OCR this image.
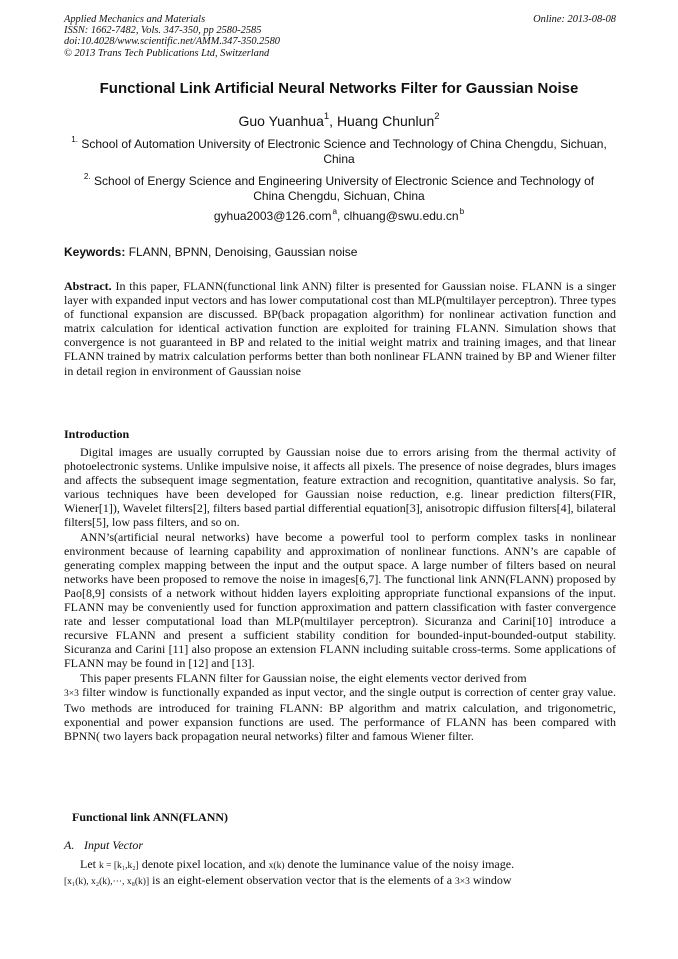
Applied Mechanics and Materials
ISSN: 1662-7482, Vols. 347-350, pp 2580-2585
doi:10.4028/www.scientific.net/AMM.347-350.2580
© 2013 Trans Tech Publications Ltd, Switzerland
Online: 2013-08-08
Functional Link Artificial Neural Networks Filter for Gaussian Noise
Guo Yuanhua$^1$, Huang Chunlun$^2$
$^{1.}$ School of Automation University of Electronic Science and Technology of China Chengdu, Sichuan, China
$^{2.}$ School of Energy Science and Engineering University of Electronic Science and Technology of China Chengdu, Sichuan, China
gyhua2003@126.com$^a$, $clhuang@swu.edu.cn^b$
Keywords: FLANN, BPNN, Denoising, Gaussian noise
Abstract. In this paper, FLANN(functional link ANN) filter is presented for Gaussian noise. FLANN is a singer layer with expanded input vectors and has lower computational cost than MLP(multilayer perceptron). Three types of functional expansion are discussed. BP(back propagation algorithm) for nonlinear activation function and matrix calculation for identical activation function are exploited for training FLANN. Simulation shows that convergence is not guaranteed in BP and related to the initial weight matrix and training images, and that linear FLANN trained by matrix calculation performs better than both nonlinear FLANN trained by BP and Wiener filter in detail region in environment of Gaussian noise
Introduction

Digital images are usually corrupted by Gaussian noise due to errors arising from the thermal activity of photoelectronic systems. Unlike impulsive noise, it affects all pixels. The presence of noise degrades, blurs images and affects the subsequent image segmentation, feature extraction and recognition, quantitative analysis. So far, various techniques have been developed for Gaussian noise reduction, e.g. linear prediction filters(FIR, Wiener[1]), Wavelet filters[2], filters based partial differential equation[3], anisotropic diffusion filters[4], bilateral filters[5], low pass filters, and so on.

ANN’s(artificial neural networks) have become a powerful tool to perform complex tasks in nonlinear environment because of learning capability and approximation of nonlinear functions. ANN’s are capable of generating complex mapping between the input and the output space. A large number of filters based on neural networks have been proposed to remove the noise in images[6,7]. The functional link ANN(FLANN) proposed by Pao[8,9] consists of a network without hidden layers exploiting appropriate functional expansions of the input. FLANN may be conveniently used for function approximation and pattern classification with faster convergence rate and lesser computational load than MLP(multilayer perceptron). Sicuranza and Carini[10] introduce a recursive FLANN and present a sufficient stability condition for bounded-input-bounded-output stability. Sicuranza and Carini [11] also propose an extension FLANN including suitable cross-terms. Some applications of FLANN may be found in [12] and [13].

This paper presents FLANN filter for Gaussian noise, the eight elements vector derived from
3×3 filter window is functionally expanded as input vector, and the single output is correction of center gray value. Two methods are introduced for training FLANN: BP algorithm and matrix calculation, and trigonometric, exponential and power expansion functions are used. The performance of FLANN has been compared with BPNN( two layers back propagation neural networks) filter and famous Wiener filter.

Functional link ANN(FLANN)
A. Input Vector

Let k = [k₁,k₂] denote pixel location, and x(k) denote the luminance value of the noisy image.
[x₁(k), x₂(k),⋯, x₈(k)] is an eight-element observation vector that is the elements of a 3×3 window
